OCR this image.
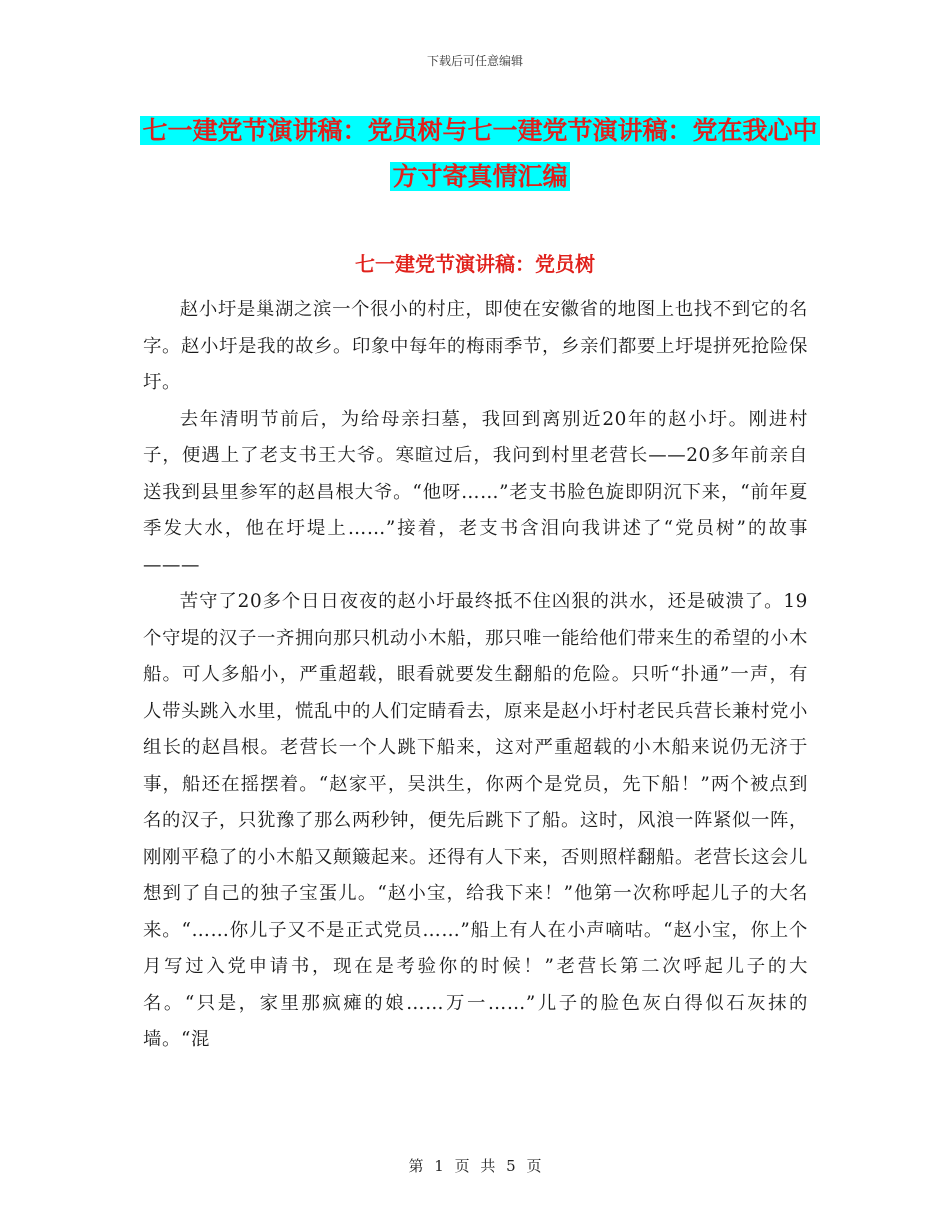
下载后可任意编辑
七一建党节演讲稿：党员树与七一建党节演讲稿：党在我心中 方寸寄真情汇编
七一建党节演讲稿：党员树

赵小圩是巢湖之滨一个很小的村庄，即使在安徽省的地图上也找不到它的名字。赵小圩是我的故乡。印象中每年的梅雨季节，乡亲们都要上圩堤拼死抢险保圩。

去年清明节前后，为给母亲扫墓，我回到离别近20年的赵小圩。刚进村子，便遇上了老支书王大爷。寒暄过后，我问到村里老营长——20多年前亲自送我到县里参军的赵昌根大爷。“他呀……”老支书脸色旋即阴沉下来，“前年夏季发大水，他在圩堤上……”接着，老支书含泪向我讲述了“党员树”的故事———

苦守了20多个日日夜夜的赵小圩最终抵不住凶狠的洪水，还是破溃了。19个守堤的汉子一齐拥向那只机动小木船，那只唯一能给他们带来生的希望的小木船。可人多船小，严重超载，眼看就要发生翻船的危险。只听“扑通”一声，有人带头跳入水里，慌乱中的人们定睛看去，原来是赵小圩村老民兵营长兼村党小组长的赵昌根。老营长一个人跳下船来，这对严重超载的小木船来说仍无济于事，船还在摇摆着。“赵家平，吴洪生，你两个是党员，先下船！”两个被点到名的汉子，只犹豫了那么两秒钟，便先后跳下了船。这时，风浪一阵紧似一阵，刚刚平稳了的小木船又颠簸起来。还得有人下来，否则照样翻船。老营长这会儿想到了自己的独子宝蛋儿。“赵小宝，给我下来！”他第一次称呼起儿子的大名来。“……你儿子又不是正式党员……”船上有人在小声嘀咕。“赵小宝，你上个月写过入党申请书，现在是考验你的时候！”老营长第二次呼起儿子的大名。“只是，家里那疯瘫的娘……万一……”儿子的脸色灰白得似石灰抹的墙。“混

第 1 页 共 5 页
